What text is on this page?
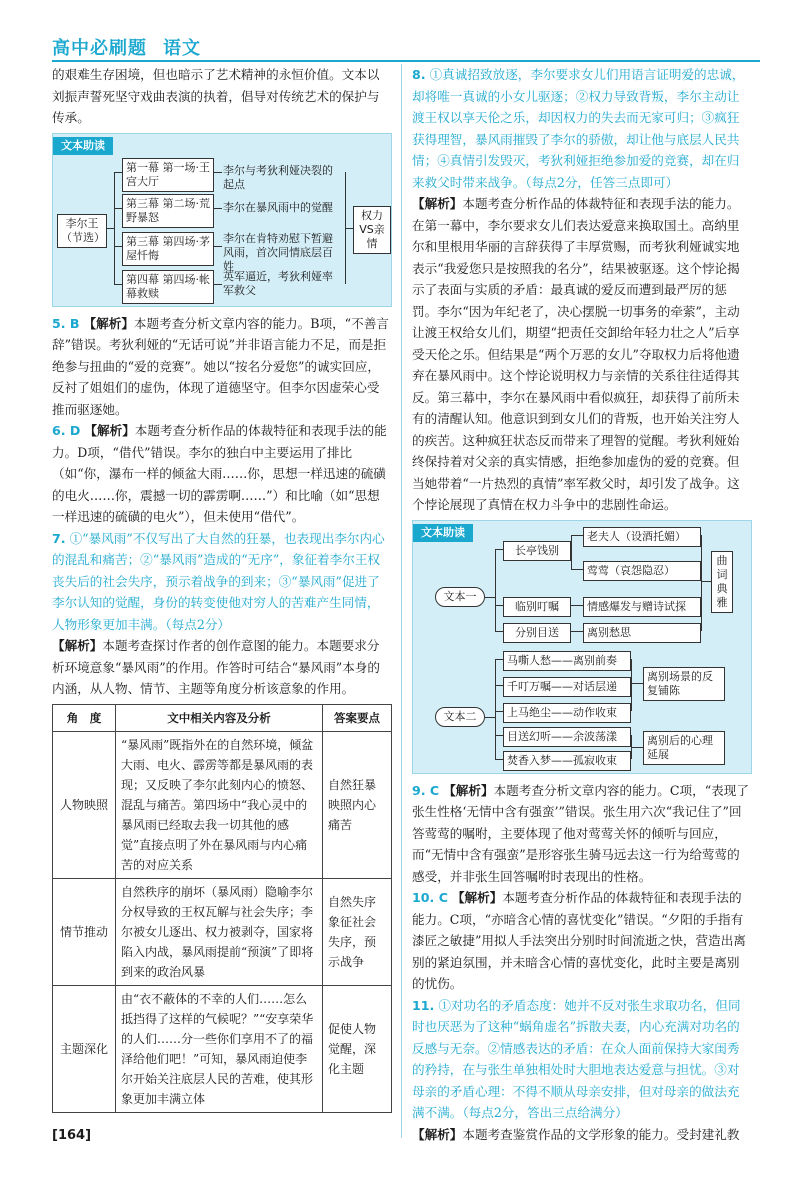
高中必刷题 语文

的艰难生存困境，但也暗示了艺术精神的永恒价值。文本以刘振声誓死坚守戏曲表演的执着，倡导对传统艺术的保护与传承。

文本助读
李尔王（节选）
第一幕 第一场·王宫大厅
第三幕 第二场·荒野暴怒
第三幕 第四场·茅屋忏悔
第四幕 第四场·帐幕救赎
李尔与考狄利娅决裂的起点
李尔在暴风雨中的觉醒
李尔在肯特劝慰下暂避风雨，首次同情底层百姓
英军逼近，考狄利娅率军救父
权力VS亲情

5. B 【解析】本题考查分析文章内容的能力。B项，“不善言辞”错误。考狄利娅的“无话可说”并非语言能力不足，而是拒绝参与扭曲的“爱的竞赛”。她以“按名分爱您”的诚实回应，反衬了姐姐们的虚伪，体现了道德坚守。但李尔因虚荣心受推而驱逐她。

6. D 【解析】本题考查分析作品的体裁特征和表现手法的能力。D项，“借代”错误。李尔的独白中主要运用了排比（如“你，瀑布一样的倾盆大雨……你，思想一样迅速的硫磺的电火……你，震撼一切的霹雳啊……”）和比喻（如“思想一样迅速的硫磺的电火”），但未使用“借代”。

7. ①“暴风雨”不仅写出了大自然的狂暴，也表现出李尔内心的混乱和痛苦；②“暴风雨”造成的“无序”，象征着李尔王权丧失后的社会失序，预示着战争的到来；③“暴风雨”促进了李尔认知的觉醒，身份的转变使他对穷人的苦难产生同情，人物形象更加丰满。（每点2分）

【解析】本题考查探讨作者的创作意图的能力。本题要求分析环境意象“暴风雨”的作用。作答时可结合“暴风雨”本身的内涵，从人物、情节、主题等角度分析该意象的作用。

角　度	文中相关内容及分析	答案要点
人物映照	“暴风雨”既指外在的自然环境，倾盆大雨、电火、霹雳等都是暴风雨的表现；又反映了李尔此刻内心的愤怒、混乱与痛苦。第四场中“我心灵中的暴风雨已经取去我一切其他的感觉”直接点明了外在暴风雨与内心痛苦的对应关系	自然狂暴映照内心痛苦
情节推动	自然秩序的崩坏（暴风雨）隐喻李尔分权导致的王权瓦解与社会失序；李尔被女儿逐出、权力被剥夺，国家将陷入内战，暴风雨提前“预演”了即将到来的政治风暴	自然失序象征社会失序，预示战争
主题深化	由“衣不蔽体的不幸的人们……怎么抵挡得了这样的气候呢？”“安享荣华的人们……分一些你们享用不了的福泽给他们吧！”可知，暴风雨迫使李尔开始关注底层人民的苦难，使其形象更加丰满立体	促使人物觉醒，深化主题

8. ①真诚招致放逐，李尔要求女儿们用语言证明爱的忠诚，却将唯一真诚的小女儿驱逐；②权力导致背叛，李尔主动让渡王权以享天伦之乐，却因权力的失去而无家可归；③疯狂获得理智，暴风雨摧毁了李尔的骄傲，却让他与底层人民共情；④真情引发毁灭，考狄利娅拒绝参加爱的竞赛，却在归来救父时带来战争。（每点2分，任答三点即可）

【解析】本题考查分析作品的体裁特征和表现手法的能力。在第一幕中，李尔要求女儿们表达爱意来换取国土。高纳里尔和里根用华丽的言辞获得了丰厚赏赐，而考狄利娅诚实地表示“我爱您只是按照我的名分”，结果被驱逐。这个悖论揭示了表面与实质的矛盾：最真诚的爱反而遭到最严厉的惩罚。李尔“因为年纪老了，决心摆脱一切事务的牵萦”，主动让渡王权给女儿们，期望“把责任交卸给年轻力壮之人”后享受天伦之乐。但结果是“两个万恶的女儿”夺取权力后将他遗弃在暴风雨中。这个悖论说明权力与亲情的关系往往适得其反。第三幕中，李尔在暴风雨中看似疯狂，却获得了前所未有的清醒认知。他意识到到女儿们的背叛，也开始关注穷人的疾苦。这种疯狂状态反而带来了理智的觉醒。考狄利娅始终保持着对父亲的真实情感，拒绝参加虚伪的爱的竞赛。但当她带着“一片热烈的真情”率军救父时，却引发了战争。这个悖论展现了真情在权力斗争中的悲剧性命运。

文本助读
文本一
长亭饯别
临别叮嘱
分别目送
老夫人（设酒托媚）
莺莺（哀怨隐忍）
情感爆发与赠诗试探
离别愁思
曲词典雅
文本二
马嘶人愁——离别前奏
千叮万嘱——对话层递
上马绝尘——动作收束
目送幻听——余波荡漾
焚香入梦——孤寂收束
离别场景的反复铺陈
离别后的心理延展

9. C 【解析】本题考查分析文章内容的能力。C项，“表现了张生性格‘无情中含有强蛮’”错误。张生用六次“我记住了”回答莺莺的嘱咐，主要体现了他对莺莺关怀的倾听与回应，而“无情中含有强蛮”是形容张生骑马远去这一行为给莺莺的感受，并非张生回答嘱咐时表现出的性格。

10. C 【解析】本题考查分析作品的体裁特征和表现手法的能力。C项，“亦暗含心情的喜忧变化”错误。“夕阳的手指有漆匠之敏捷”用拟人手法突出分别时时间流逝之快，营造出离别的紧迫氛围，并未暗含心情的喜忧变化，此时主要是离别的忧伤。

11. ①对功名的矛盾态度：她并不反对张生求取功名，但同时也厌恶为了这种“蜗角虚名”拆散夫妻，内心充满对功名的反感与无奈。②情感表达的矛盾：在众人面前保持大家闺秀的矜持，在与张生单独相处时大胆地表达爱意与担忧。③对母亲的矛盾心理：不得不顺从母亲安排，但对母亲的做法充满不满。（每点2分，答出三点给满分）

【解析】本题考查鉴赏作品的文学形象的能力。受封建礼教

[164]
